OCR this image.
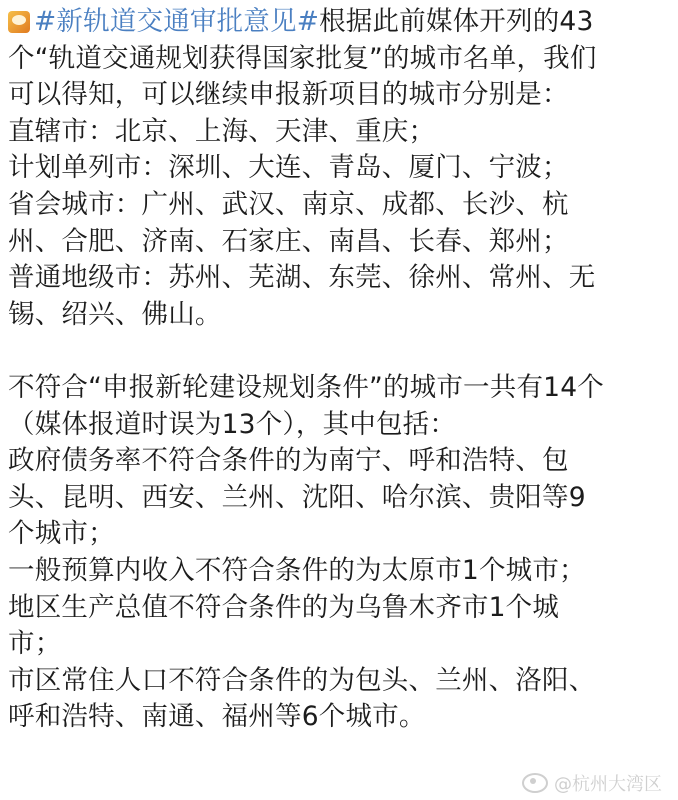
#新轨道交通审批意见#根据此前媒体开列的43
个“轨道交通规划获得国家批复”的城市名单，我们
可以得知，可以继续申报新项目的城市分别是：
直辖市：北京、上海、天津、重庆；
计划单列市：深圳、大连、青岛、厦门、宁波；
省会城市：广州、武汉、南京、成都、长沙、杭
州、合肥、济南、石家庄、南昌、长春、郑州；
普通地级市：苏州、芜湖、东莞、徐州、常州、无
锡、绍兴、佛山。
不符合“申报新轮建设规划条件”的城市一共有14个
（媒体报道时误为13个），其中包括：
政府债务率不符合条件的为南宁、呼和浩特、包
头、昆明、西安、兰州、沈阳、哈尔滨、贵阳等9
个城市；
一般预算内收入不符合条件的为太原市1个城市；
地区生产总值不符合条件的为乌鲁木齐市1个城
市；
市区常住人口不符合条件的为包头、兰州、洛阳、
呼和浩特、南通、福州等6个城市。
@杭州大湾区
